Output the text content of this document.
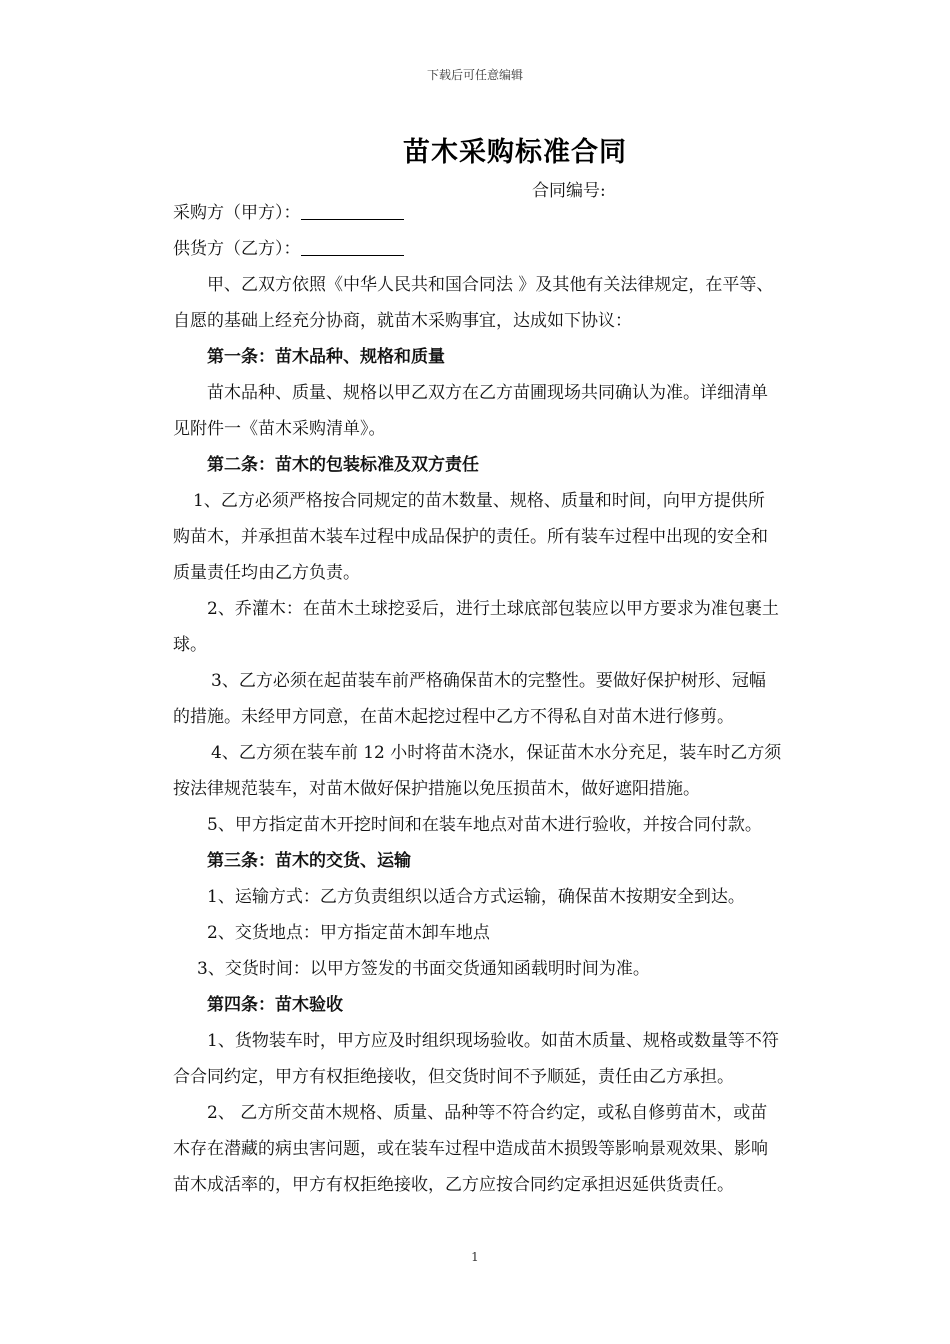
下载后可任意编辑
苗木采购标准合同
合同编号:
采购方（甲方）：
供货方（乙方）：
甲、乙双方依照《中华人民共和国合同法 》及其他有关法律规定，在平等、
自愿的基础上经充分协商，就苗木采购事宜，达成如下协议：
第一条：苗木品种、规格和质量
苗木品种、质量、规格以甲乙双方在乙方苗圃现场共同确认为准。详细清单
见附件一《苗木采购清单》。
第二条：苗木的包装标准及双方责任
1、乙方必须严格按合同规定的苗木数量、规格、质量和时间，向甲方提供所
购苗木，并承担苗木装车过程中成品保护的责任。所有装车过程中出现的安全和
质量责任均由乙方负责。
2、乔灌木：在苗木土球挖妥后，进行土球底部包装应以甲方要求为准包裹土
球。
3、乙方必须在起苗装车前严格确保苗木的完整性。要做好保护树形、冠幅
的措施。未经甲方同意，在苗木起挖过程中乙方不得私自对苗木进行修剪。
4、乙方须在装车前 12 小时将苗木浇水，保证苗木水分充足，装车时乙方须
按法律规范装车，对苗木做好保护措施以免压损苗木，做好遮阳措施。
5、甲方指定苗木开挖时间和在装车地点对苗木进行验收，并按合同付款。
第三条：苗木的交货、运输
1、运输方式：乙方负责组织以适合方式运输，确保苗木按期安全到达。
2、交货地点：甲方指定苗木卸车地点
3、交货时间：以甲方签发的书面交货通知函载明时间为准。
第四条：苗木验收
1、货物装车时，甲方应及时组织现场验收。如苗木质量、规格或数量等不符
合合同约定，甲方有权拒绝接收，但交货时间不予顺延，责任由乙方承担。
2、 乙方所交苗木规格、质量、品种等不符合约定，或私自修剪苗木，或苗
木存在潜藏的病虫害问题，或在装车过程中造成苗木损毁等影响景观效果、影响
苗木成活率的，甲方有权拒绝接收，乙方应按合同约定承担迟延供货责任。
1
